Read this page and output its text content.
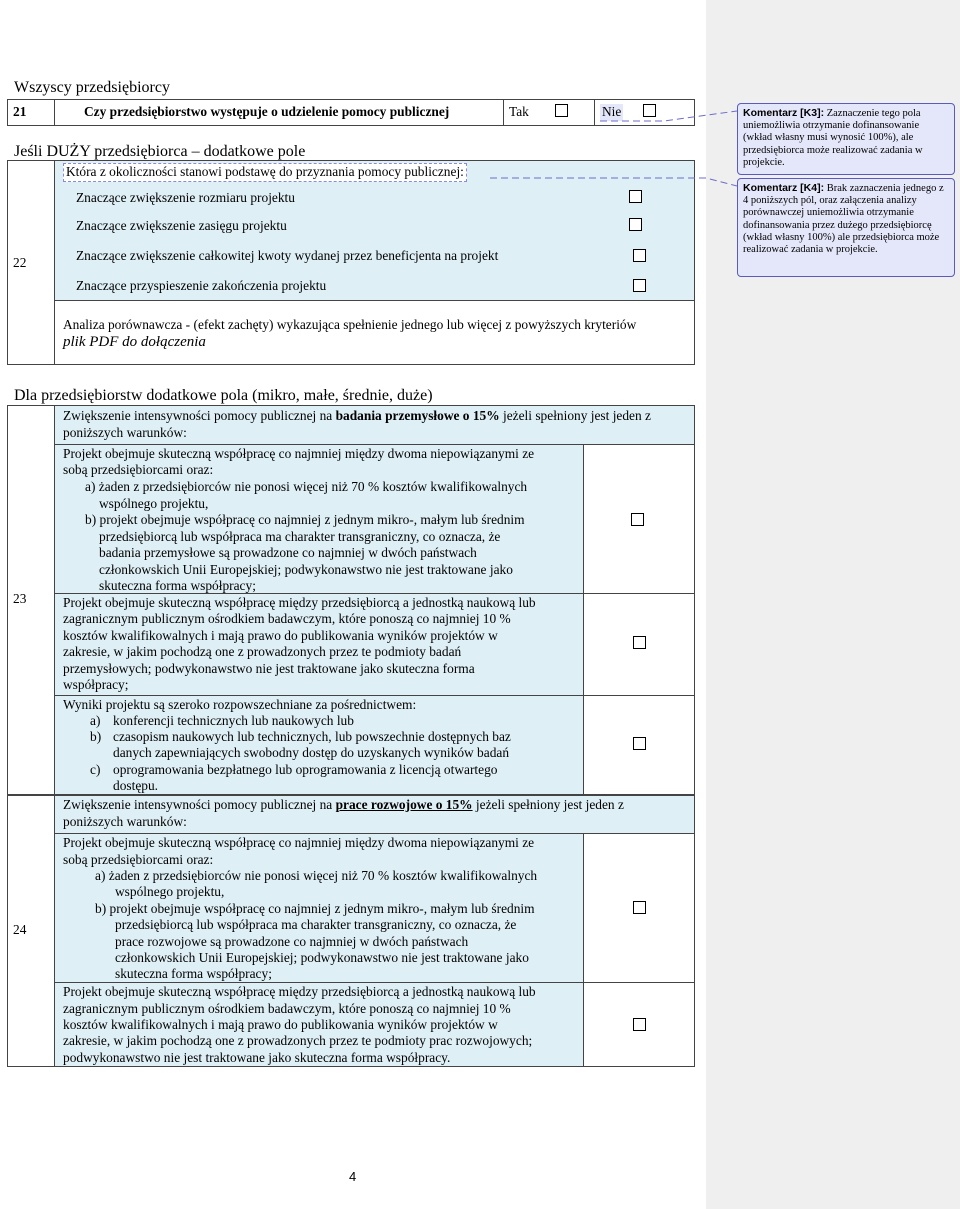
Wszyscy przedsiębiorcy
21	Czy przedsiębiorstwo występuje o udzielenie pomocy publicznej	Tak	Nie
Jeśli DUŻY przedsiębiorca – dodatkowe pole
22
Która z okoliczności stanowi podstawę do przyznania pomocy publicznej:
Znaczące zwiększenie rozmiaru projektu
Znaczące zwiększenie zasięgu projektu
Znaczące zwiększenie całkowitej kwoty wydanej przez beneficjenta na projekt
Znaczące przyspieszenie zakończenia projektu
Analiza porównawcza - (efekt zachęty) wykazująca spełnienie jednego lub więcej z powyższych kryteriów
plik PDF do dołączenia
Dla przedsiębiorstw dodatkowe pola (mikro, małe, średnie, duże)
23
Zwiększenie intensywności pomocy publicznej na badania przemysłowe o 15% jeżeli spełniony jest jeden z poniższych warunków:
Projekt obejmuje skuteczną współpracę co najmniej między dwoma niepowiązanymi ze
sobą przedsiębiorcami oraz:
a) żaden z przedsiębiorców nie ponosi więcej niż 70 % kosztów kwalifikowalnych
wspólnego projektu,
b) projekt obejmuje współpracę co najmniej z jednym mikro-, małym lub średnim
przedsiębiorcą lub współpraca ma charakter transgraniczny, co oznacza, że
badania przemysłowe są prowadzone co najmniej w dwóch państwach
członkowskich Unii Europejskiej; podwykonawstwo nie jest traktowane jako
skuteczna forma współpracy;
Projekt obejmuje skuteczną współpracę między przedsiębiorcą a jednostką naukową lub
zagranicznym publicznym ośrodkiem badawczym, które ponoszą co najmniej 10 %
kosztów kwalifikowalnych i mają prawo do publikowania wyników projektów w
zakresie, w jakim pochodzą one z prowadzonych przez te podmioty badań
przemysłowych; podwykonawstwo nie jest traktowane jako skuteczna forma
współpracy;
Wyniki projektu są szeroko rozpowszechniane za pośrednictwem:
a) konferencji technicznych lub naukowych lub
b) czasopism naukowych lub technicznych, lub powszechnie dostępnych baz
danych zapewniających swobodny dostęp do uzyskanych wyników badań
c) oprogramowania bezpłatnego lub oprogramowania z licencją otwartego
dostępu.
24
Zwiększenie intensywności pomocy publicznej na prace rozwojowe o 15% jeżeli spełniony jest jeden z
poniższych warunków:
Projekt obejmuje skuteczną współpracę co najmniej między dwoma niepowiązanymi ze
sobą przedsiębiorcami oraz:
a) żaden z przedsiębiorców nie ponosi więcej niż 70 % kosztów kwalifikowalnych
wspólnego projektu,
b) projekt obejmuje współpracę co najmniej z jednym mikro-, małym lub średnim
przedsiębiorcą lub współpraca ma charakter transgraniczny, co oznacza, że
prace rozwojowe są prowadzone co najmniej w dwóch państwach
członkowskich Unii Europejskiej; podwykonawstwo nie jest traktowane jako
skuteczna forma współpracy;
Projekt obejmuje skuteczną współpracę między przedsiębiorcą a jednostką naukową lub
zagranicznym publicznym ośrodkiem badawczym, które ponoszą co najmniej 10 %
kosztów kwalifikowalnych i mają prawo do publikowania wyników projektów w
zakresie, w jakim pochodzą one z prowadzonych przez te podmioty prac rozwojowych;
podwykonawstwo nie jest traktowane jako skuteczna forma współpracy.
4
Komentarz [K3]: Zaznaczenie tego pola uniemożliwia otrzymanie dofinansowanie (wkład własny musi wynosić 100%), ale przedsiębiorca może realizować zadania w projekcie.
Komentarz [K4]: Brak zaznaczenia jednego z 4 poniższych pól, oraz załączenia analizy porównawczej uniemożliwia otrzymanie dofinansowania przez dużego przedsiębiorcę (wkład własny 100%) ale przedsiębiorca może realizować zadania w projekcie.
